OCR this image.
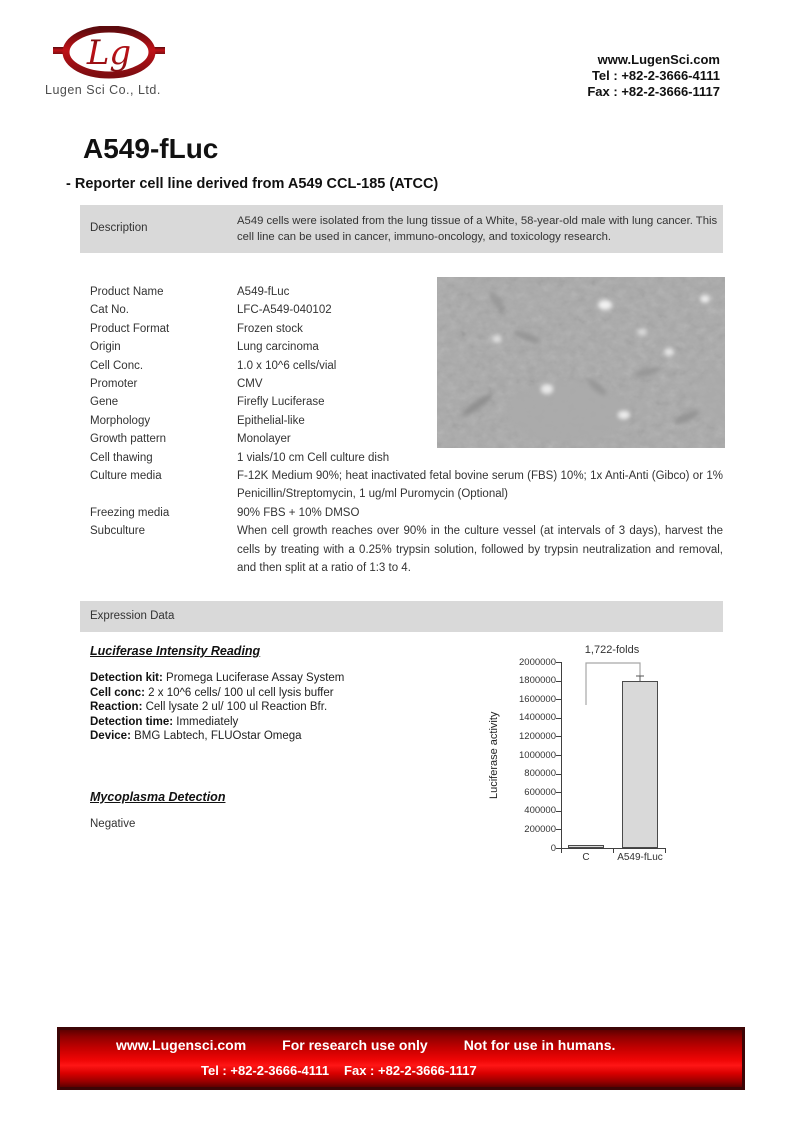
Lg
Lugen Sci Co., Ltd.
www.LugenSci.com
Tel : +82-2-3666-4111
Fax : +82-2-3666-1117
A549-fLuc
- Reporter cell line derived from A549 CCL-185 (ATCC)
Description
A549 cells were isolated from the lung tissue of a White, 58-year-old male with lung cancer. This cell line can be used in cancer, immuno-oncology, and toxicology research.
Product Name	A549-fLuc
Cat No.	LFC-A549-040102
Product Format	Frozen stock
Origin	Lung carcinoma
Cell Conc.	1.0 x 10^6 cells/vial
Promoter	CMV
Gene	Firefly Luciferase
Morphology	Epithelial-like
Growth pattern	Monolayer
Cell thawing	1 vials/10 cm Cell culture dish
Culture media	F-12K Medium 90%; heat inactivated fetal bovine serum (FBS) 10%; 1x Anti-Anti (Gibco) or 1% Penicillin/Streptomycin, 1 ug/ml Puromycin (Optional)
Freezing media	90% FBS + 10% DMSO
Subculture	When cell growth reaches over 90% in the culture vessel (at intervals of 3 days), harvest the cells by treating with a 0.25% trypsin solution, followed by trypsin neutralization and removal, and then split at a ratio of 1:3 to 4.
Expression Data
Luciferase Intensity Reading
Detection kit: Promega Luciferase Assay System
Cell conc: 2 x 10^6 cells/ 100 ul cell lysis buffer
Reaction: Cell lysate 2 ul/ 100 ul Reaction Bfr.
Detection time: Immediately
Device: BMG Labtech, FLUOstar Omega
Mycoplasma Detection
Negative
1,722-folds
Luciferase activity
2000000
1800000
1600000
1400000
1200000
1000000
800000
600000
400000
200000
0
C	A549-fLuc
www.Lugensci.com	For research use only	Not for use in humans.
Tel : +82-2-3666-4111 Fax : +82-2-3666-1117
